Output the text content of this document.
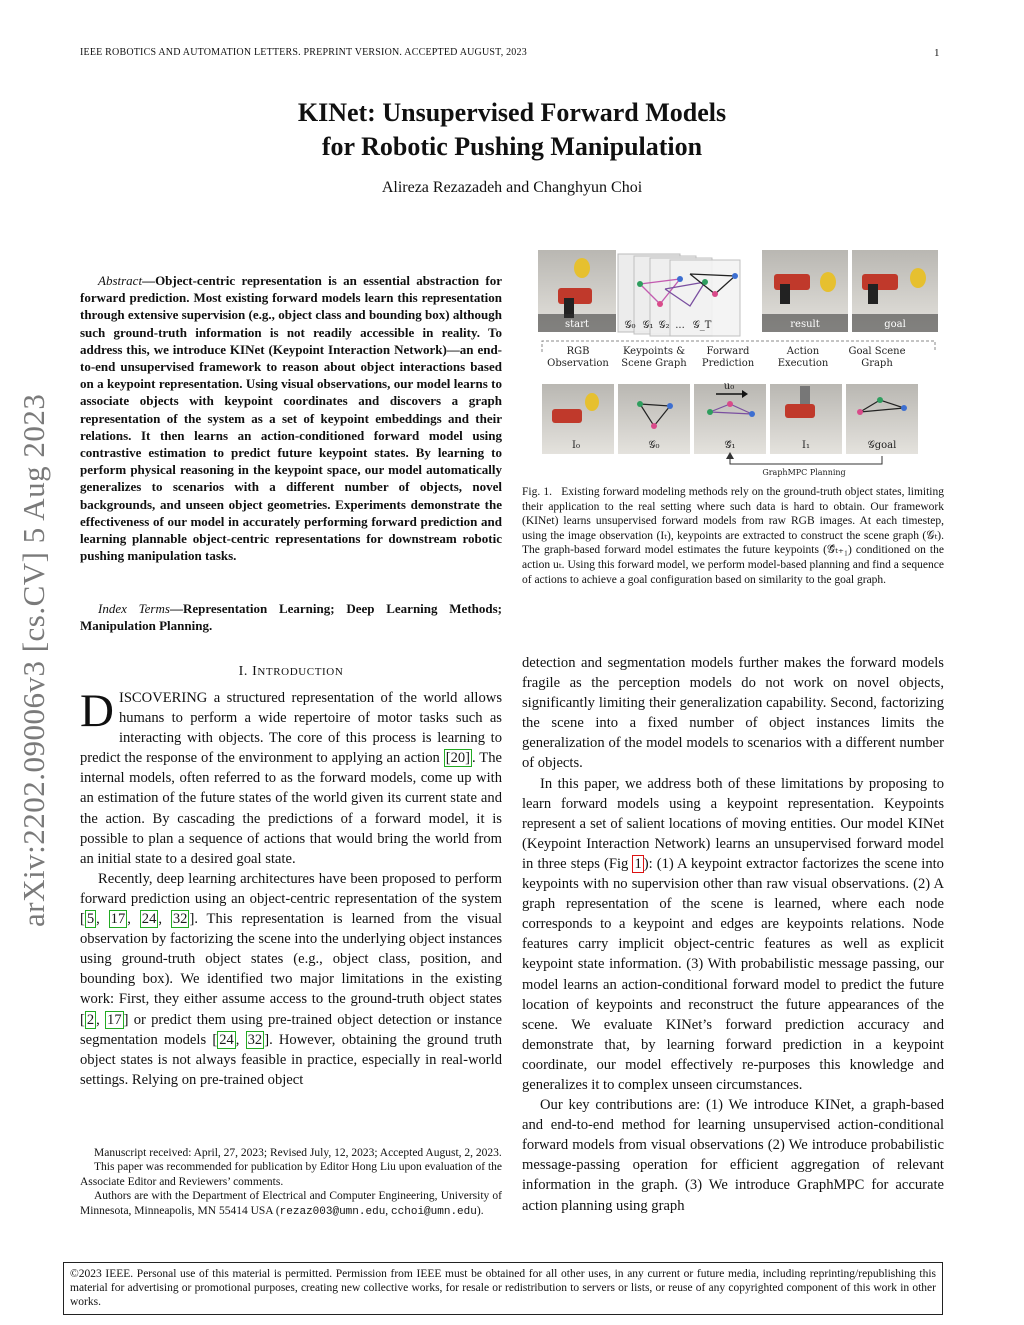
IEEE ROBOTICS AND AUTOMATION LETTERS. PREPRINT VERSION. ACCEPTED AUGUST, 2023	1
KINet: Unsupervised Forward Models
for Robotic Pushing Manipulation
Alireza Rezazadeh and Changhyun Choi
arXiv:2202.09006v3 [cs.CV] 5 Aug 2023
Abstract—Object-centric representation is an essential abstraction for forward prediction. Most existing forward models learn this representation through extensive supervision (e.g., object class and bounding box) although such ground-truth information is not readily accessible in reality. To address this, we introduce KINet (Keypoint Interaction Network)—an end-to-end unsupervised framework to reason about object interactions based on a keypoint representation. Using visual observations, our model learns to associate objects with keypoint coordinates and discovers a graph representation of the system as a set of keypoint embeddings and their relations. It then learns an action-conditioned forward model using contrastive estimation to predict future keypoint states. By learning to perform physical reasoning in the keypoint space, our model automatically generalizes to scenarios with a different number of objects, novel backgrounds, and unseen object geometries. Experiments demonstrate the effectiveness of our model in accurately performing forward prediction and learning plannable object-centric representations for downstream robotic pushing manipulation tasks.
Index Terms—Representation Learning; Deep Learning Methods; Manipulation Planning.
I. INTRODUCTION

DISCOVERING a structured representation of the world allows humans to perform a wide repertoire of motor tasks such as interacting with objects. The core of this process is learning to predict the response of the environment to applying an action [20] . The internal models, often referred to as the forward models, come up with an estimation of the future states of the world given its current state and the action. By cascading the predictions of a forward model, it is possible to plan a sequence of actions that would bring the world from an initial state to a desired goal state.

Recently, deep learning architectures have been proposed to perform forward prediction using an object-centric representation of the system [ 5 , 17 , 24 , 32 ]. This representation is learned from the visual observation by factorizing the scene into the underlying object instances using ground-truth object states (e.g., object class, position, and bounding box). We identified two major limitations in the existing work: First, they either assume access to the ground-truth object states [ 2 , 17 ] or predict them using pre-trained object detection or instance segmentation models [ 24 , 32 ]. However, obtaining the ground truth object states is not always feasible in practice, especially in real-world settings. Relying on pre-trained object

Manuscript received: April, 27, 2023; Revised July, 12, 2023; Accepted August, 2, 2023.

This paper was recommended for publication by Editor Hong Liu upon evaluation of the Associate Editor and Reviewers’ comments.

Authors are with the Department of Electrical and Computer Engineering, University of Minnesota, Minneapolis, MN 55414 USA (rezaz003@umn.edu, cchoi@umn.edu).

start	result	goal
𝒢₀ 𝒢₁ 𝒢₂ ... 𝒢_T
RGB
Observation
Keypoints &
Scene Graph
Forward
Prediction
Action
Execution
Goal Scene
Graph
u₀
I₀	𝒢₀	𝒢̂₁	I₁	𝒢goal
GraphMPC Planning
Fig. 1. Existing forward modeling methods rely on the ground-truth object states, limiting their application to the real setting where such data is hard to obtain. Our framework (KINet) learns unsupervised forward models from raw RGB images. At each timestep, using the image observation (Iₜ), keypoints are extracted to construct the scene graph (𝒢ₜ). The graph-based forward model estimates the future keypoints (𝒢̂ₜ₊₁) conditioned on the action uₜ. Using this forward model, we perform model-based planning and find a sequence of actions to achieve a goal configuration based on similarity to the goal graph.

detection and segmentation models further makes the forward models fragile as the perception models do not work on novel objects, significantly limiting their generalization capability. Second, factorizing the scene into a fixed number of object instances limits the generalization of the model models to scenarios with a different number of objects.

In this paper, we address both of these limitations by proposing to learn forward models using a keypoint representation. Keypoints represent a set of salient locations of moving entities. Our model KINet (Keypoint Interaction Network) learns an unsupervised forward model in three steps (Fig 1 ): (1) A keypoint extractor factorizes the scene into keypoints with no supervision other than raw visual observations. (2) A graph representation of the scene is learned, where each node corresponds to a keypoint and edges are keypoints relations. Node features carry implicit object-centric features as well as explicit keypoint state information. (3) With probabilistic message passing, our model learns an action-conditional forward model to predict the future location of keypoints and reconstruct the future appearances of the scene. We evaluate KINet’s forward prediction accuracy and demonstrate that, by learning forward prediction in a keypoint coordinate, our model effectively re-purposes this knowledge and generalizes it to complex unseen circumstances.

Our key contributions are: (1) We introduce KINet, a graph-based and end-to-end method for learning unsupervised action-conditional forward models from visual observations (2) We introduce probabilistic message-passing operation for efficient aggregation of relevant information in the graph. (3) We introduce GraphMPC for accurate action planning using graph

©2023 IEEE. Personal use of this material is permitted. Permission from IEEE must be obtained for all other uses, in any current or future media, including reprinting/republishing this material for advertising or promotional purposes, creating new collective works, for resale or redistribution to servers or lists, or reuse of any copyrighted component of this work in other works.
